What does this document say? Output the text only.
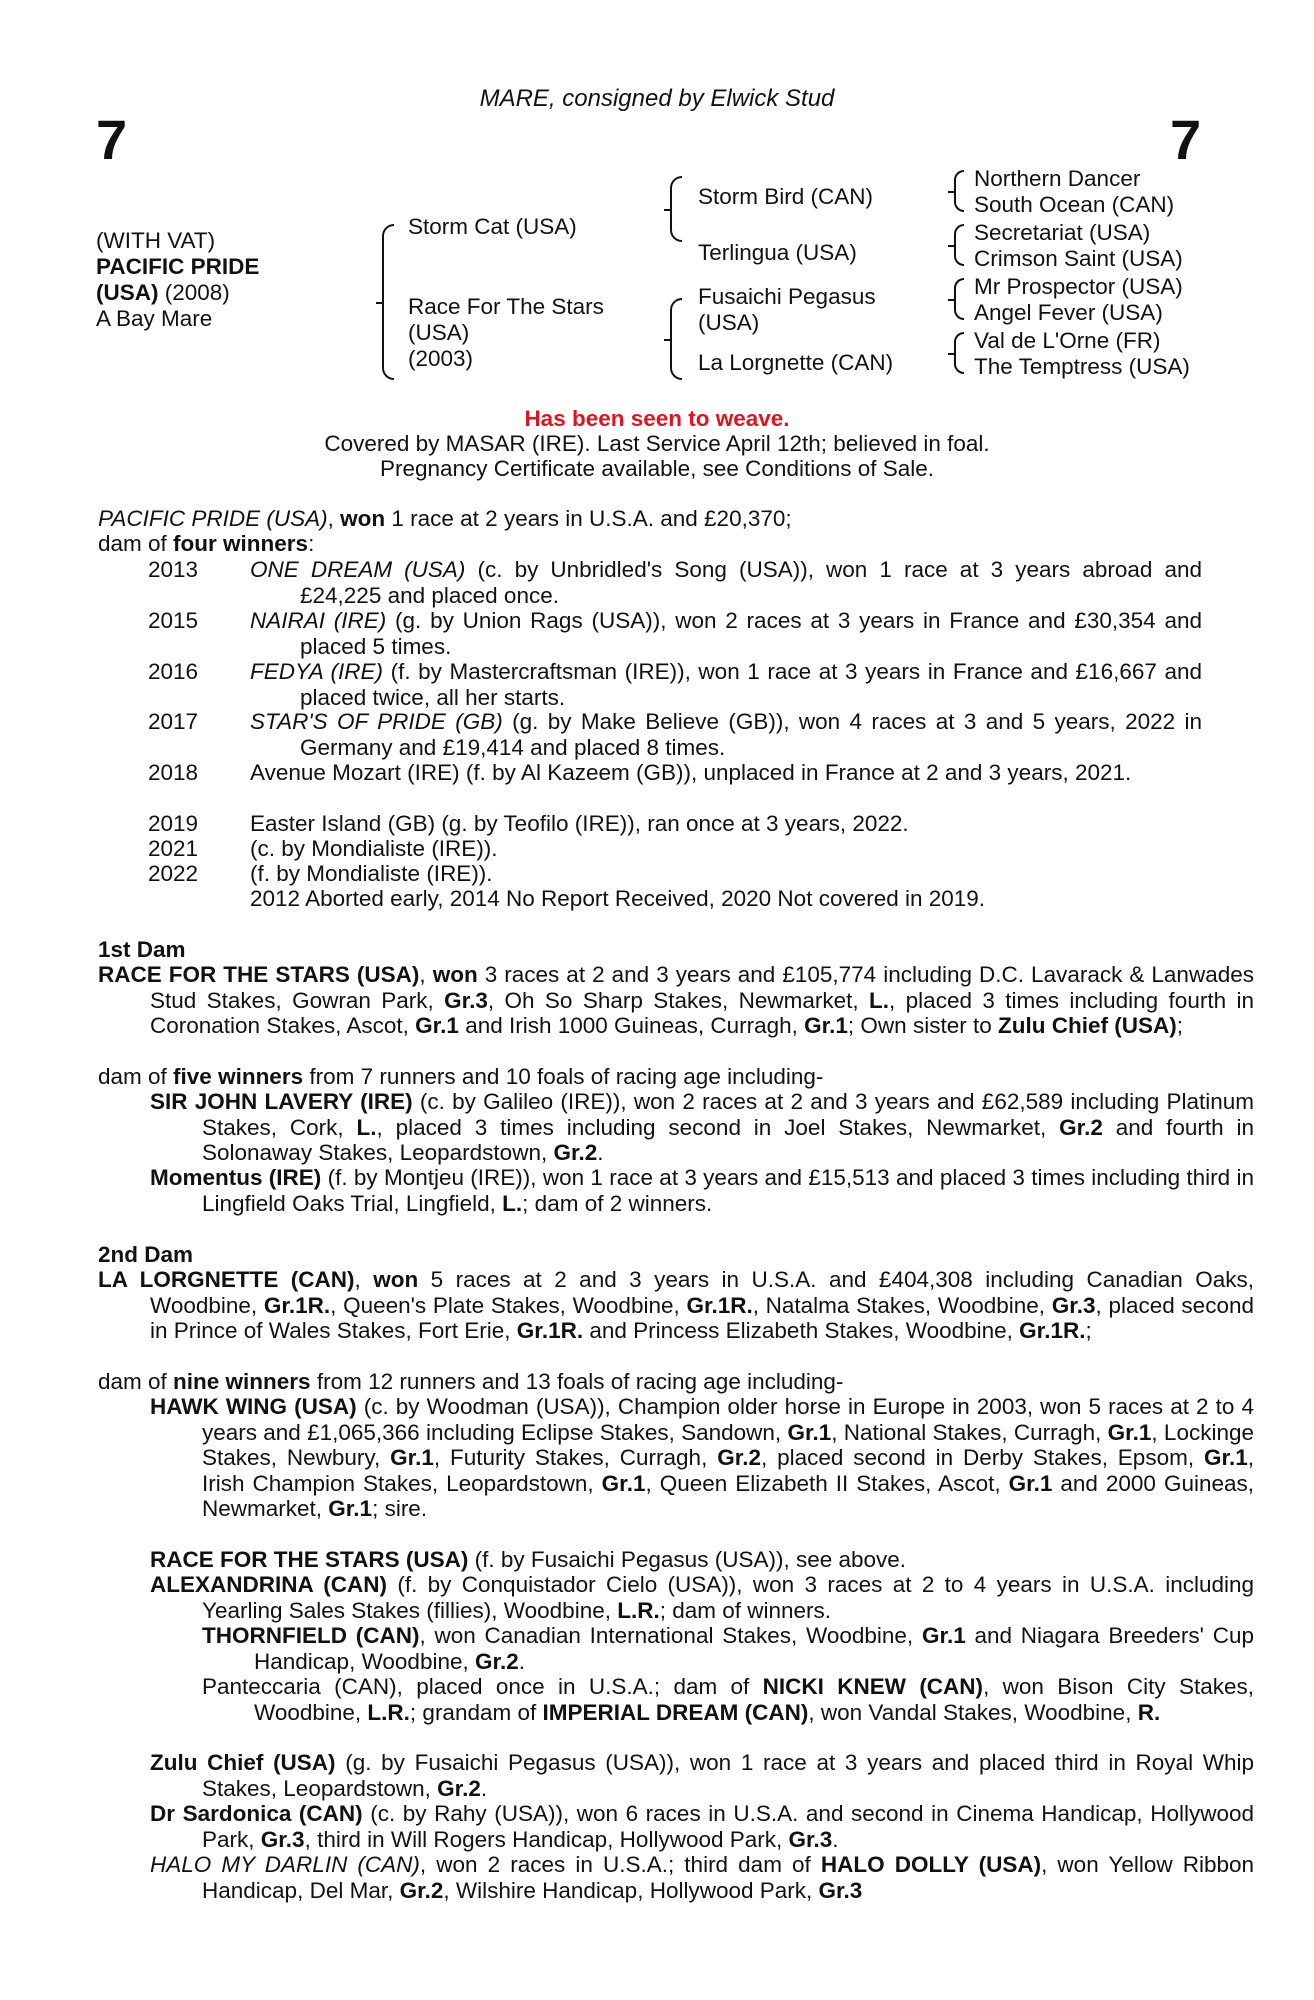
MARE, consigned by Elwick Stud
7	7
(WITH VAT)
PACIFIC PRIDE
(USA) (2008)
A Bay Mare
Storm Cat (USA)
Race For The Stars
(USA)
(2003)
Storm Bird (CAN)
Terlingua (USA)
Fusaichi Pegasus
(USA)
La Lorgnette (CAN)
Northern Dancer
South Ocean (CAN)
Secretariat (USA)
Crimson Saint (USA)
Mr Prospector (USA)
Angel Fever (USA)
Val de L'Orne (FR)
The Temptress (USA)
Has been seen to weave.
Covered by MASAR (IRE). Last Service April 12th; believed in foal.
Pregnancy Certificate available, see Conditions of Sale.
PACIFIC PRIDE (USA), won 1 race at 2 years in U.S.A. and £20,370;
dam of four winners:
2013 ONE DREAM (USA) (c. by Unbridled's Song (USA)), won 1 race at 3 years abroad and £24,225 and placed once.
2015 NAIRAI (IRE) (g. by Union Rags (USA)), won 2 races at 3 years in France and £30,354 and placed 5 times.
2016 FEDYA (IRE) (f. by Mastercraftsman (IRE)), won 1 race at 3 years in France and £16,667 and placed twice, all her starts.
2017 STAR'S OF PRIDE (GB) (g. by Make Believe (GB)), won 4 races at 3 and 5 years, 2022 in Germany and £19,414 and placed 8 times.
2018 Avenue Mozart (IRE) (f. by Al Kazeem (GB)), unplaced in France at 2 and 3 years, 2021.
2019 Easter Island (GB) (g. by Teofilo (IRE)), ran once at 3 years, 2022.
2021 (c. by Mondialiste (IRE)).
2022 (f. by Mondialiste (IRE)).
2012 Aborted early, 2014 No Report Received, 2020 Not covered in 2019.
1st Dam
RACE FOR THE STARS (USA), won 3 races at 2 and 3 years and £105,774 including D.C. Lavarack & Lanwades Stud Stakes, Gowran Park, Gr.3, Oh So Sharp Stakes, Newmarket, L., placed 3 times including fourth in Coronation Stakes, Ascot, Gr.1 and Irish 1000 Guineas, Curragh, Gr.1; Own sister to Zulu Chief (USA);
dam of five winners from 7 runners and 10 foals of racing age including-
SIR JOHN LAVERY (IRE) (c. by Galileo (IRE)), won 2 races at 2 and 3 years and £62,589 including Platinum Stakes, Cork, L., placed 3 times including second in Joel Stakes, Newmarket, Gr.2 and fourth in Solonaway Stakes, Leopardstown, Gr.2.
Momentus (IRE) (f. by Montjeu (IRE)), won 1 race at 3 years and £15,513 and placed 3 times including third in Lingfield Oaks Trial, Lingfield, L.; dam of 2 winners.
2nd Dam
LA LORGNETTE (CAN), won 5 races at 2 and 3 years in U.S.A. and £404,308 including Canadian Oaks, Woodbine, Gr.1R., Queen's Plate Stakes, Woodbine, Gr.1R., Natalma Stakes, Woodbine, Gr.3, placed second in Prince of Wales Stakes, Fort Erie, Gr.1R. and Princess Elizabeth Stakes, Woodbine, Gr.1R.;
dam of nine winners from 12 runners and 13 foals of racing age including-
HAWK WING (USA) (c. by Woodman (USA)), Champion older horse in Europe in 2003, won 5 races at 2 to 4 years and £1,065,366 including Eclipse Stakes, Sandown, Gr.1, National Stakes, Curragh, Gr.1, Lockinge Stakes, Newbury, Gr.1, Futurity Stakes, Curragh, Gr.2, placed second in Derby Stakes, Epsom, Gr.1, Irish Champion Stakes, Leopardstown, Gr.1, Queen Elizabeth II Stakes, Ascot, Gr.1 and 2000 Guineas, Newmarket, Gr.1; sire.
RACE FOR THE STARS (USA) (f. by Fusaichi Pegasus (USA)), see above.
ALEXANDRINA (CAN) (f. by Conquistador Cielo (USA)), won 3 races at 2 to 4 years in U.S.A. including Yearling Sales Stakes (fillies), Woodbine, L.R.; dam of winners.
THORNFIELD (CAN), won Canadian International Stakes, Woodbine, Gr.1 and Niagara Breeders' Cup Handicap, Woodbine, Gr.2.
Panteccaria (CAN), placed once in U.S.A.; dam of NICKI KNEW (CAN), won Bison City Stakes, Woodbine, L.R.; grandam of IMPERIAL DREAM (CAN), won Vandal Stakes, Woodbine, R.
Zulu Chief (USA) (g. by Fusaichi Pegasus (USA)), won 1 race at 3 years and placed third in Royal Whip Stakes, Leopardstown, Gr.2.
Dr Sardonica (CAN) (c. by Rahy (USA)), won 6 races in U.S.A. and second in Cinema Handicap, Hollywood Park, Gr.3, third in Will Rogers Handicap, Hollywood Park, Gr.3.
HALO MY DARLIN (CAN), won 2 races in U.S.A.; third dam of HALO DOLLY (USA), won Yellow Ribbon Handicap, Del Mar, Gr.2, Wilshire Handicap, Hollywood Park, Gr.3
